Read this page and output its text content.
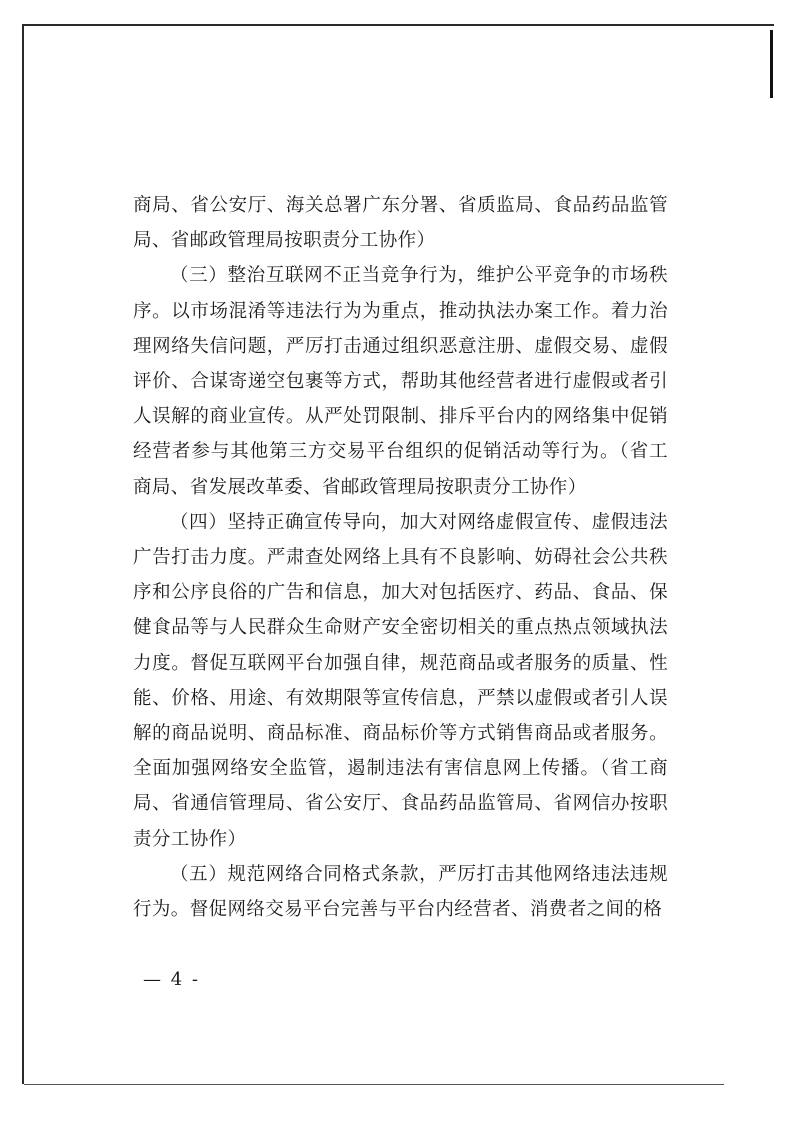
商局、省公安厅、海关总署广东分署、省质监局、食品药品监管局、省邮政管理局按职责分工协作）

（三）整治互联网不正当竞争行为，维护公平竞争的市场秩序。以市场混淆等违法行为为重点，推动执法办案工作。着力治理网络失信问题，严厉打击通过组织恶意注册、虚假交易、虚假评价、合谋寄递空包裹等方式，帮助其他经营者进行虚假或者引人误解的商业宣传。从严处罚限制、排斥平台内的网络集中促销经营者参与其他第三方交易平台组织的促销活动等行为。（省工商局、省发展改革委、省邮政管理局按职责分工协作）

（四）坚持正确宣传导向，加大对网络虚假宣传、虚假违法广告打击力度。严肃查处网络上具有不良影响、妨碍社会公共秩序和公序良俗的广告和信息，加大对包括医疗、药品、食品、保健食品等与人民群众生命财产安全密切相关的重点热点领域执法力度。督促互联网平台加强自律，规范商品或者服务的质量、性能、价格、用途、有效期限等宣传信息，严禁以虚假或者引人误解的商品说明、商品标准、商品标价等方式销售商品或者服务。全面加强网络安全监管，遏制违法有害信息网上传播。（省工商局、省通信管理局、省公安厅、食品药品监管局、省网信办按职责分工协作）

（五）规范网络合同格式条款，严厉打击其他网络违法违规行为。督促网络交易平台完善与平台内经营者、消费者之间的格

— 4 -
